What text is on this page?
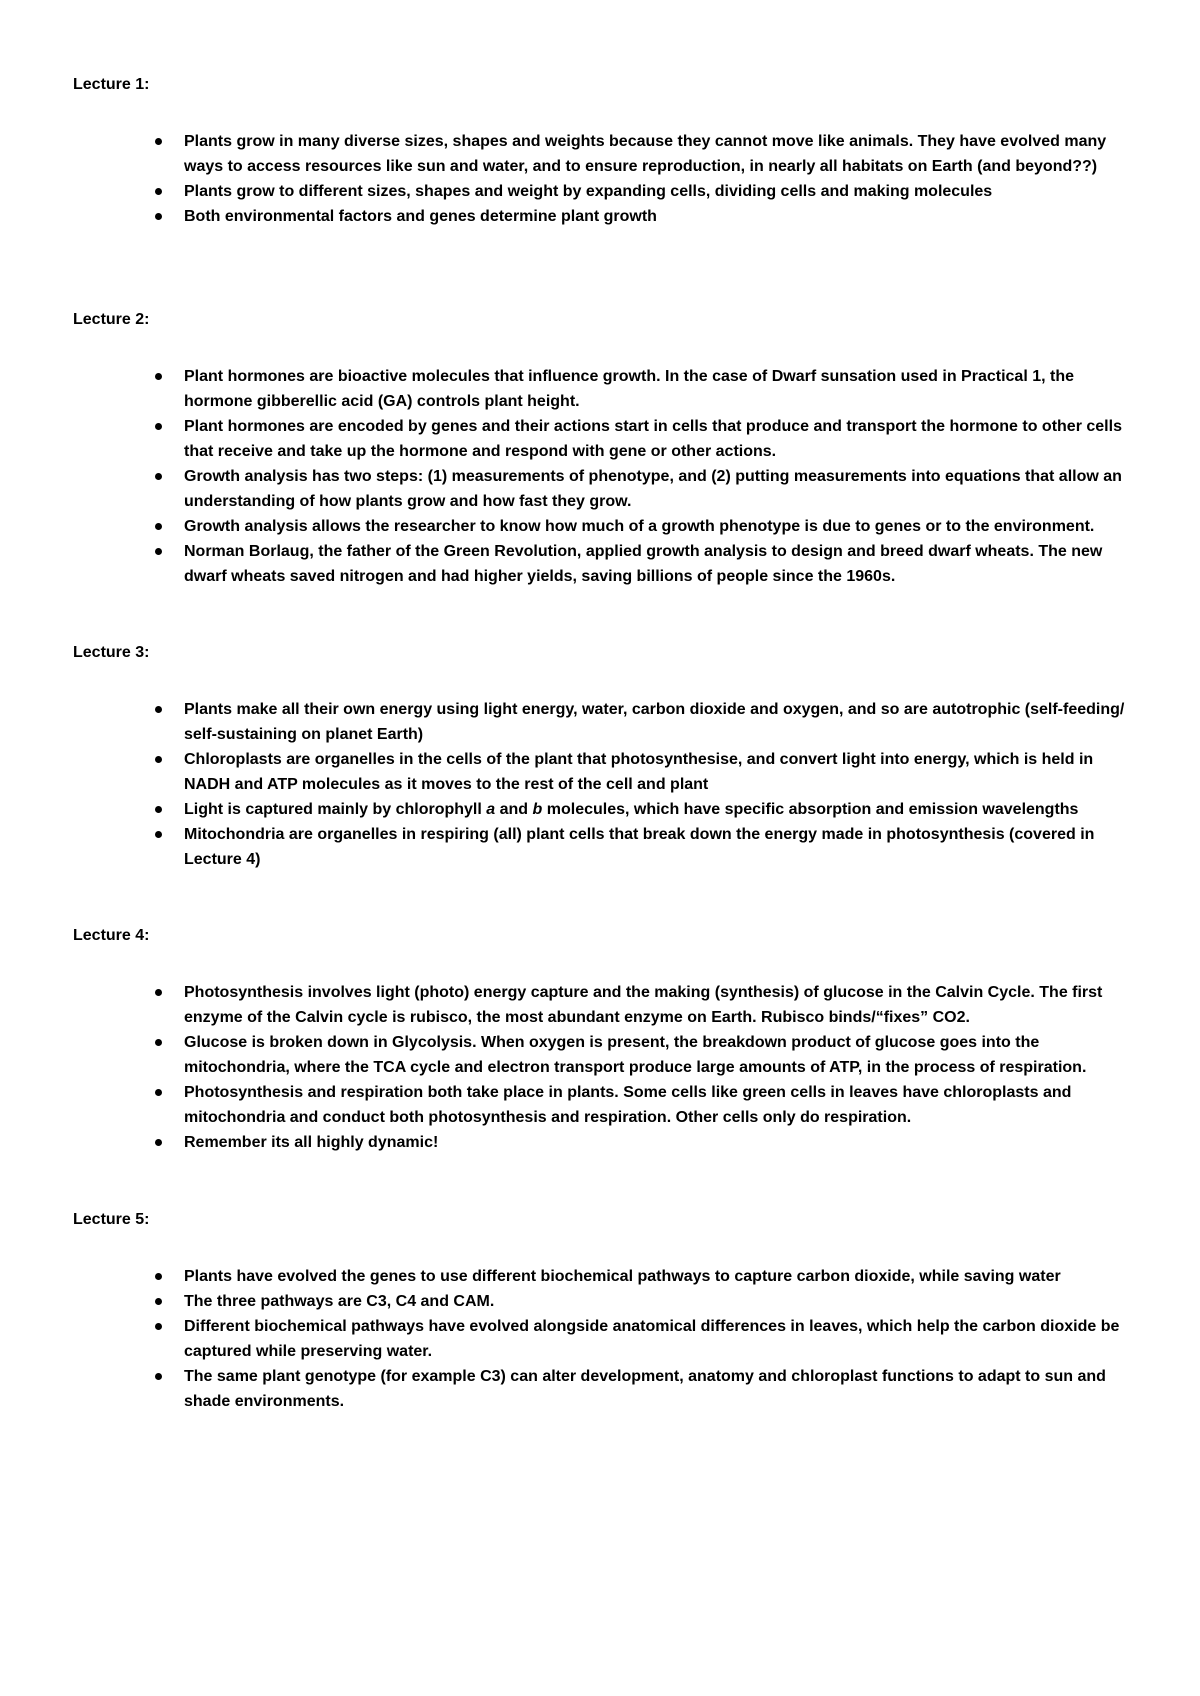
Lecture 1:

Plants grow in many diverse sizes, shapes and weights because they cannot move like animals. They have evolved many ways to access resources like sun and water, and to ensure reproduction, in nearly all habitats on Earth (and beyond??)
Plants grow to different sizes, shapes and weight by expanding cells, dividing cells and making molecules
Both environmental factors and genes determine plant growth

Lecture 2:

Plant hormones are bioactive molecules that influence growth. In the case of Dwarf sunsation used in Practical 1, the hormone gibberellic acid (GA) controls plant height.
Plant hormones are encoded by genes and their actions start in cells that produce and transport the hormone to other cells that receive and take up the hormone and respond with gene or other actions.
Growth analysis has two steps: (1) measurements of phenotype, and (2) putting measurements into equations that allow an understanding of how plants grow and how fast they grow.
Growth analysis allows the researcher to know how much of a growth phenotype is due to genes or to the environment.
Norman Borlaug, the father of the Green Revolution, applied growth analysis to design and breed dwarf wheats. The new dwarf wheats saved nitrogen and had higher yields, saving billions of people since the 1960s.

Lecture 3:

Plants make all their own energy using light energy, water, carbon dioxide and oxygen, and so are autotrophic (self-feeding/ self-sustaining on planet Earth)
Chloroplasts are organelles in the cells of the plant that photosynthesise, and convert light into energy, which is held in NADH and ATP molecules as it moves to the rest of the cell and plant
Light is captured mainly by chlorophyll a and b molecules, which have specific absorption and emission wavelengths
Mitochondria are organelles in respiring (all) plant cells that break down the energy made in photosynthesis (covered in Lecture 4)

Lecture 4:

Photosynthesis involves light (photo) energy capture and the making (synthesis) of glucose in the Calvin Cycle. The first enzyme of the Calvin cycle is rubisco, the most abundant enzyme on Earth. Rubisco binds/“fixes” CO2.
Glucose is broken down in Glycolysis. When oxygen is present, the breakdown product of glucose goes into the mitochondria, where the TCA cycle and electron transport produce large amounts of ATP, in the process of respiration.
Photosynthesis and respiration both take place in plants. Some cells like green cells in leaves have chloroplasts and mitochondria and conduct both photosynthesis and respiration. Other cells only do respiration.
Remember its all highly dynamic!

Lecture 5:

Plants have evolved the genes to use different biochemical pathways to capture carbon dioxide, while saving water
The three pathways are C3, C4 and CAM.
Different biochemical pathways have evolved alongside anatomical differences in leaves, which help the carbon dioxide be captured while preserving water.
The same plant genotype (for example C3) can alter development, anatomy and chloroplast functions to adapt to sun and shade environments.
